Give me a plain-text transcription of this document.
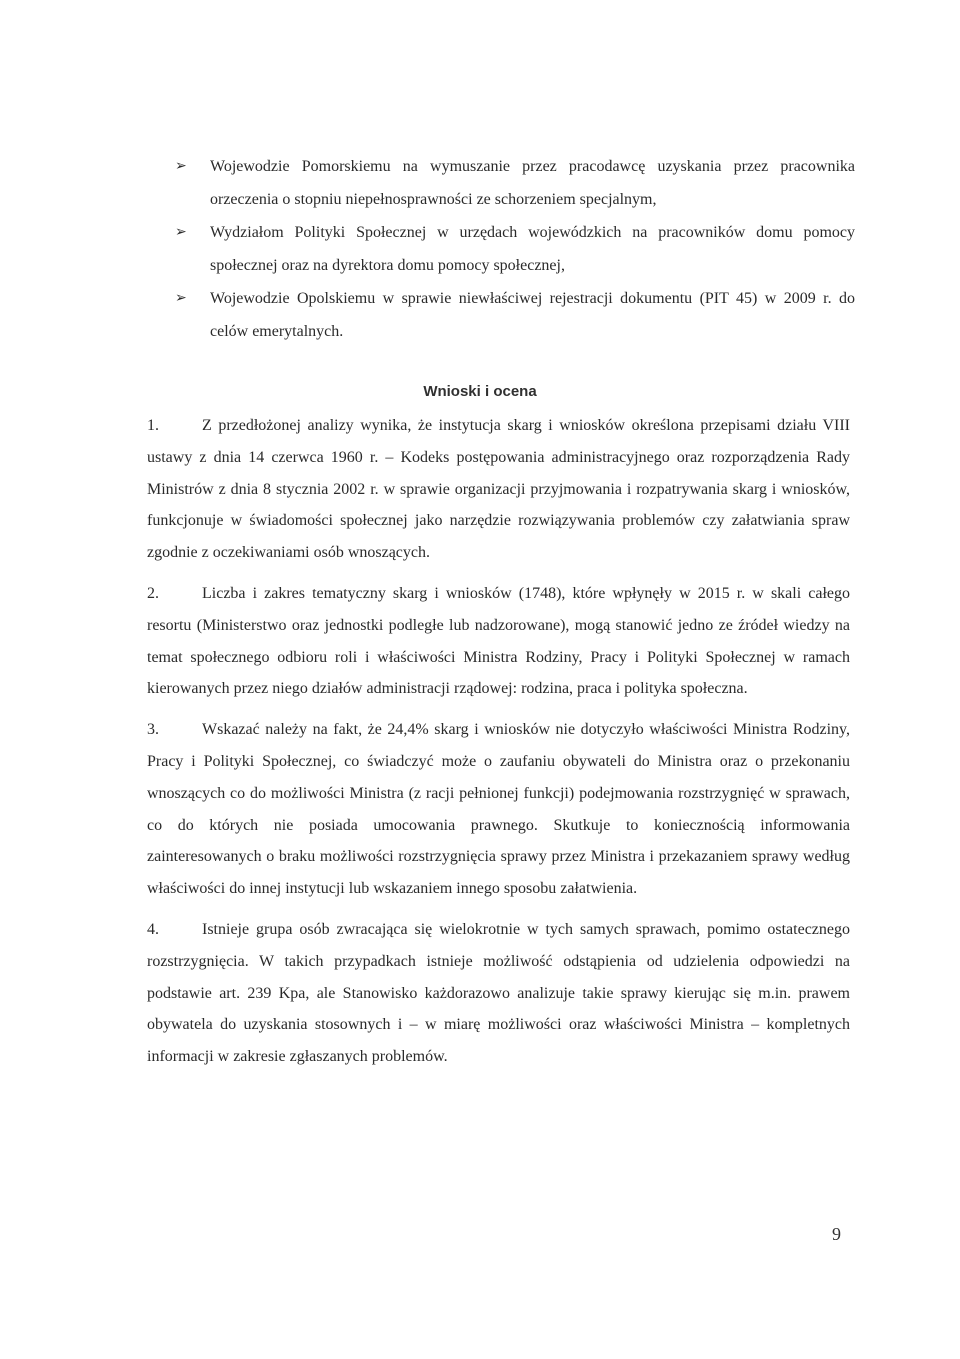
➢ Wojewodzie Pomorskiemu na wymuszanie przez pracodawcę uzyskania przez pracownika orzeczenia o stopniu niepełnosprawności ze schorzeniem specjalnym,
➢ Wydziałom Polityki Społecznej w urzędach wojewódzkich na pracowników domu pomocy społecznej oraz na dyrektora domu pomocy społecznej,
➢ Wojewodzie Opolskiemu w sprawie niewłaściwej rejestracji dokumentu (PIT 45) w 2009 r. do celów emerytalnych.
Wnioski i ocena
1.	Z przedłożonej analizy wynika, że instytucja skarg i wniosków określona przepisami działu VIII ustawy z dnia 14 czerwca 1960 r. – Kodeks postępowania administracyjnego oraz rozporządzenia Rady Ministrów z dnia 8 stycznia 2002 r. w sprawie organizacji przyjmowania i rozpatrywania skarg i wniosków, funkcjonuje w świadomości społecznej jako narzędzie rozwiązywania problemów czy załatwiania spraw zgodnie z oczekiwaniami osób wnoszących.
2.	Liczba i zakres tematyczny skarg i wniosków (1748), które wpłynęły w 2015 r. w skali całego resortu (Ministerstwo oraz jednostki podległe lub nadzorowane), mogą stanowić jedno ze źródeł wiedzy na temat społecznego odbioru roli i właściwości Ministra Rodziny, Pracy i Polityki Społecznej w ramach kierowanych przez niego działów administracji rządowej: rodzina, praca i polityka społeczna.
3.	Wskazać należy na fakt, że 24,4% skarg i wniosków nie dotyczyło właściwości Ministra Rodziny, Pracy i Polityki Społecznej, co świadczyć może o zaufaniu obywateli do Ministra oraz o przekonaniu wnoszących co do możliwości Ministra (z racji pełnionej funkcji) podejmowania rozstrzygnięć w sprawach, co do których nie posiada umocowania prawnego. Skutkuje to koniecznością informowania zainteresowanych o braku możliwości rozstrzygnięcia sprawy przez Ministra i przekazaniem sprawy według właściwości do innej instytucji lub wskazaniem innego sposobu załatwienia.
4.	Istnieje grupa osób zwracająca się wielokrotnie w tych samych sprawach, pomimo ostatecznego rozstrzygnięcia. W takich przypadkach istnieje możliwość odstąpienia od udzielenia odpowiedzi na podstawie art. 239 Kpa, ale Stanowisko każdorazowo analizuje takie sprawy kierując się m.in. prawem obywatela do uzyskania stosownych i – w miarę możliwości oraz właściwości Ministra – kompletnych informacji w zakresie zgłaszanych problemów.
9
